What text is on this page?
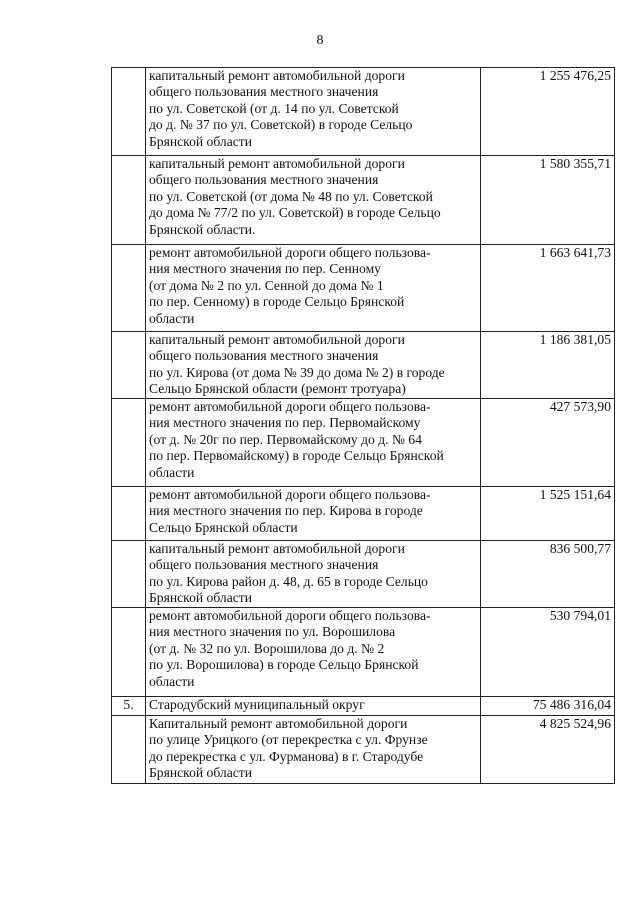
8

	капитальный ремонт автомобильной дороги
общего пользования местного значения
по ул. Советской (от д. 14 по ул. Советской
до д. № 37 по ул. Советской) в городе Сельцо
Брянской области	1 255 476,25

	капитальный ремонт автомобильной дороги
общего пользования местного значения
по ул. Советской (от дома № 48 по ул. Советской
до дома № 77/2 по ул. Советской) в городе Сельцо
Брянской области.	1 580 355,71

	ремонт автомобильной дороги общего пользова-
ния местного значения по пер. Сенному
(от дома № 2 по ул. Сенной до дома № 1
по пер. Сенному) в городе Сельцо Брянской
области	1 663 641,73

	капитальный ремонт автомобильной дороги
общего пользования местного значения
по ул. Кирова (от дома № 39 до дома № 2) в городе
Сельцо Брянской области (ремонт тротуара)	1 186 381,05

	ремонт автомобильной дороги общего пользова-
ния местного значения по пер. Первомайскому
(от д. № 20г по пер. Первомайскому до д. № 64
по пер. Первомайскому) в городе Сельцо Брянской
области	427 573,90

	ремонт автомобильной дороги общего пользова-
ния местного значения по пер. Кирова в городе
Сельцо Брянской области	1 525 151,64

	капитальный ремонт автомобильной дороги
общего пользования местного значения
по ул. Кирова район д. 48, д. 65 в городе Сельцо
Брянской области	836 500,77

	ремонт автомобильной дороги общего пользова-
ния местного значения по ул. Ворошилова
(от д. № 32 по ул. Ворошилова до д. № 2
по ул. Ворошилова) в городе Сельцо Брянской
области	530 794,01
5.	Стародубский муниципальный округ	75 486 316,04

	Капитальный ремонт автомобильной дороги
по улице Урицкого (от перекрестка с ул. Фрунзе
до перекрестка с ул. Фурманова) в г. Стародубе
Брянской области	4 825 524,96
